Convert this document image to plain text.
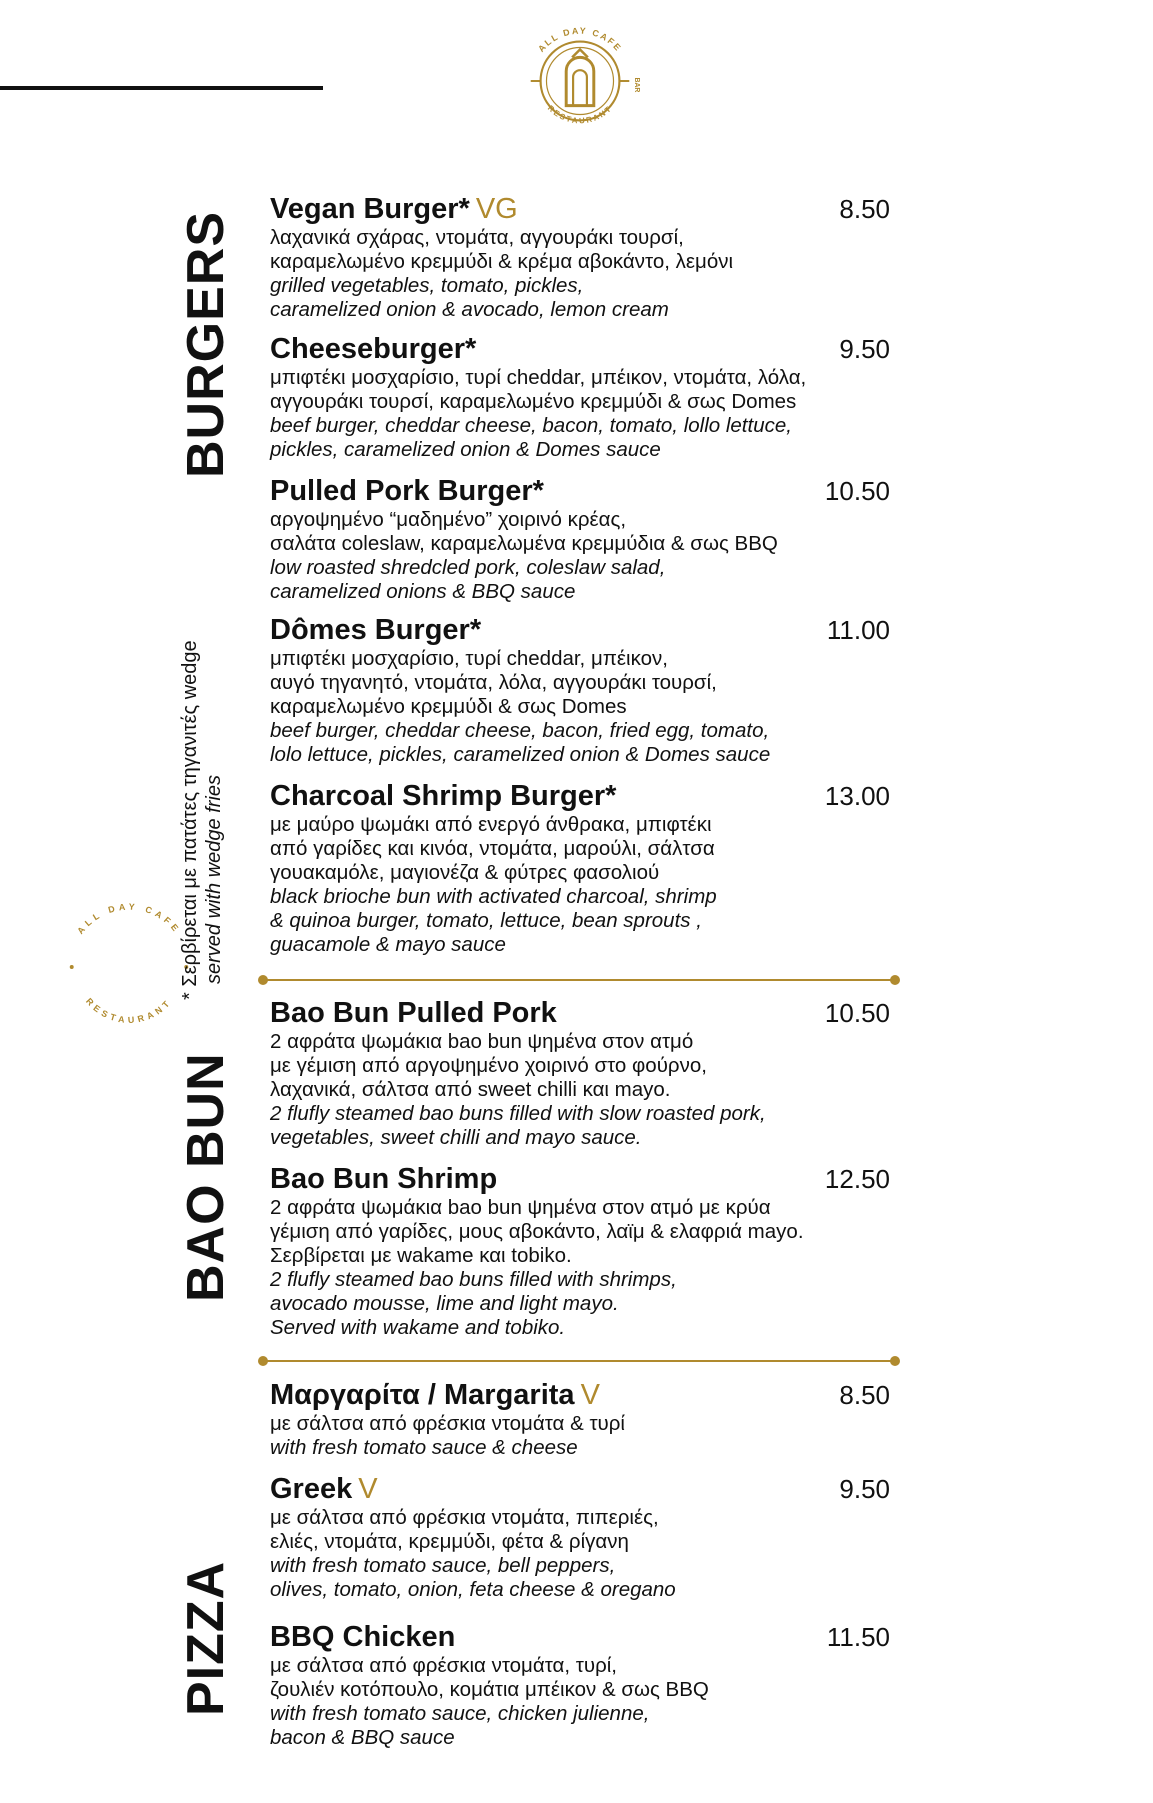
ALL DAY CAFE
RESTAURANT
BAR
ALL DAY CAFE
RESTAURANT
BURGERS
BAO BUN
PIZZA
* Σερβίρεται με πατάτες τηγανιτές wedge served with wedge fries
Vegan Burger* VG	8.50
λαχανικά σχάρας, ντομάτα, αγγουράκι τουρσί,
καραμελωμένο κρεμμύδι & κρέμα αβοκάντο, λεμόνι
grilled vegetables, tomato, pickles,
caramelized onion & avocado, lemon cream
Cheeseburger*	9.50
μπιφτέκι μοσχαρίσιο, τυρί cheddar, μπέικον, ντομάτα, λόλα,
αγγουράκι τουρσί, καραμελωμένο κρεμμύδι & σως Domes
beef burger, cheddar cheese, bacon, tomato, lollo lettuce,
pickles, caramelized onion & Domes sauce
Pulled Pork Burger*	10.50
αργοψημένο “μαδημένο” χοιρινό κρέας,
σαλάτα coleslaw, καραμελωμένα κρεμμύδια & σως BBQ
low roasted shredcled pork, coleslaw salad,
caramelized onions & BBQ sauce
Dômes Burger*	11.00
μπιφτέκι μοσχαρίσιο, τυρί cheddar, μπέικον,
αυγό τηγανητό, ντομάτα, λόλα, αγγουράκι τουρσί,
καραμελωμένο κρεμμύδι & σως Domes
beef burger, cheddar cheese, bacon, fried egg, tomato,
lolo lettuce, pickles, caramelized onion & Domes sauce
Charcoal Shrimp Burger*	13.00
με μαύρο ψωμάκι από ενεργό άνθρακα, μπιφτέκι
από γαρίδες και κινόα, ντομάτα, μαρούλι, σάλτσα
γουακαμόλε, μαγιονέζα & φύτρες φασολιού
black brioche bun with activated charcoal, shrimp
& quinoa burger, tomato, lettuce, bean sprouts ,
guacamole & mayo sauce
Bao Bun Pulled Pork	10.50
2 αφράτα ψωμάκια bao bun ψημένα στον ατμό
με γέμιση από αργοψημένο χοιρινό στο φούρνο,
λαχανικά, σάλτσα από sweet chilli και mayo.
2 flufly steamed bao buns filled with slow roasted pork,
vegetables, sweet chilli and mayo sauce.
Bao Bun Shrimp	12.50
2 αφράτα ψωμάκια bao bun ψημένα στον ατμό με κρύα
γέμιση από γαρίδες, μους αβοκάντο, λαϊμ & ελαφριά mayo.
Σερβίρεται με wakame και tobiko.
2 flufly steamed bao buns filled with shrimps,
avocado mousse, lime and light mayo.
Served with wakame and tobiko.
Μαργαρίτα / Margarita V	8.50
με σάλτσα από φρέσκια ντομάτα & τυρί
with fresh tomato sauce & cheese
Greek V	9.50
με σάλτσα από φρέσκια ντομάτα, πιπεριές,
ελιές, ντομάτα, κρεμμύδι, φέτα & ρίγανη
with fresh tomato sauce, bell peppers,
olives, tomato, onion, feta cheese & oregano
BBQ Chicken	11.50
με σάλτσα από φρέσκια ντομάτα, τυρί,
ζουλιέν κοτόπουλο, κομάτια μπέικον & σως BBQ
with fresh tomato sauce, chicken julienne,
bacon & BBQ sauce
